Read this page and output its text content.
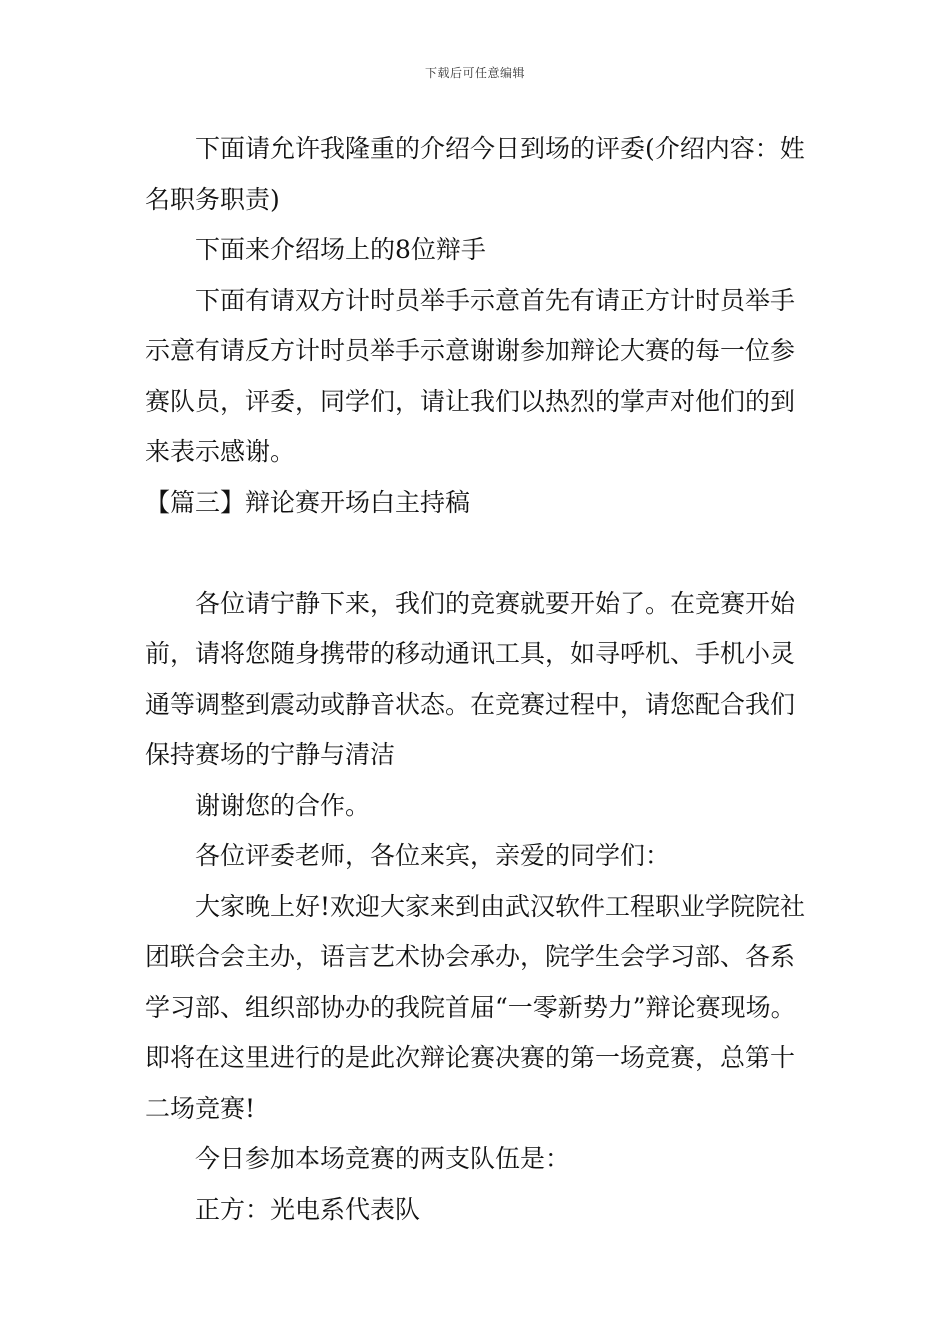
下载后可任意编辑

下面请允许我隆重的介绍今日到场的评委(介绍内容：姓名职务职责)

下面来介绍场上的8位辩手

下面有请双方计时员举手示意首先有请正方计时员举手示意有请反方计时员举手示意谢谢参加辩论大赛的每一位参赛队员，评委，同学们，请让我们以热烈的掌声对他们的到来表示感谢。

【篇三】辩论赛开场白主持稿

各位请宁静下来，我们的竞赛就要开始了。在竞赛开始前，请将您随身携带的移动通讯工具，如寻呼机、手机小灵通等调整到震动或静音状态。在竞赛过程中，请您配合我们保持赛场的宁静与清洁

谢谢您的合作。

各位评委老师，各位来宾，亲爱的同学们：

大家晚上好!欢迎大家来到由武汉软件工程职业学院院社团联合会主办，语言艺术协会承办，院学生会学习部、各系学习部、组织部协办的我院首届“一零新势力”辩论赛现场。即将在这里进行的是此次辩论赛决赛的第一场竞赛，总第十二场竞赛!

今日参加本场竞赛的两支队伍是：

正方：光电系代表队
